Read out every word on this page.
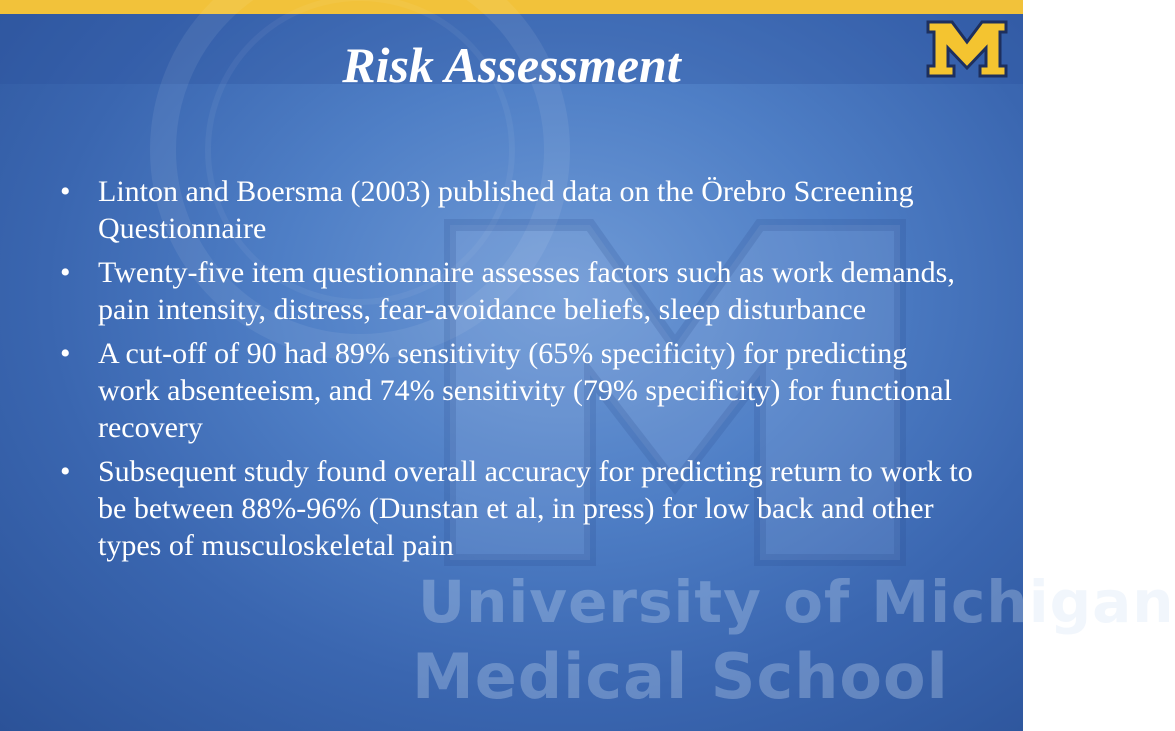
University of Michigan
Medical School
Risk Assessment
• Linton and Boersma (2003) published data on the Örebro Screening Questionnaire
• Twenty-five item questionnaire assesses factors such as work demands, pain intensity, distress, fear-avoidance beliefs, sleep disturbance
• A cut-off of 90 had 89% sensitivity (65% specificity) for predicting work absenteeism, and 74% sensitivity (79% specificity) for functional recovery
• Subsequent study found overall accuracy for predicting return to work to be between 88%-96% (Dunstan et al, in press) for low back and other types of musculoskeletal pain
